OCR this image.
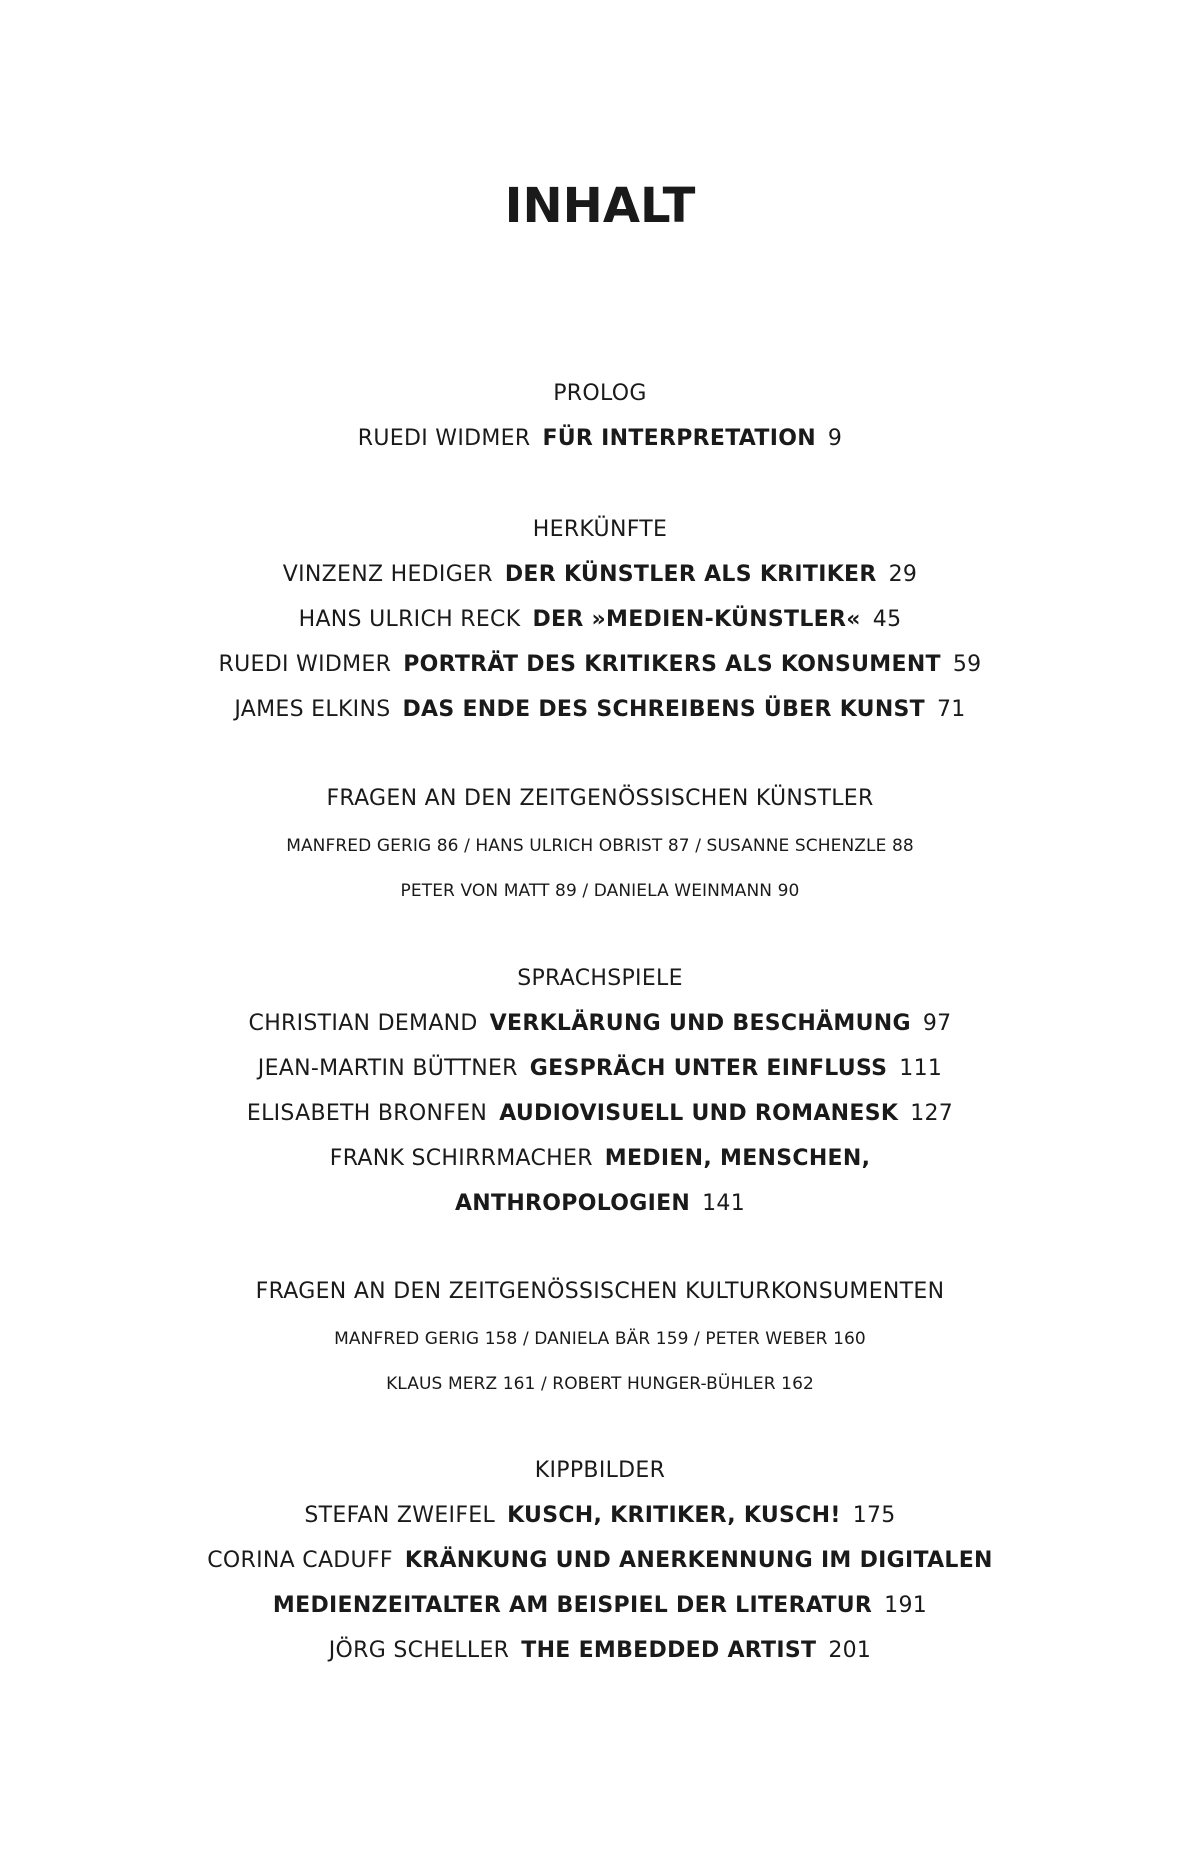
INHALT
PROLOG
RUEDI WIDMER FÜR INTERPRETATION 9
HERKÜNFTE
VINZENZ HEDIGER DER KÜNSTLER ALS KRITIKER 29
HANS ULRICH RECK DER »MEDIEN-KÜNSTLER« 45
RUEDI WIDMER PORTRÄT DES KRITIKERS ALS KONSUMENT 59
JAMES ELKINS DAS ENDE DES SCHREIBENS ÜBER KUNST 71
FRAGEN AN DEN ZEITGENÖSSISCHEN KÜNSTLER
MANFRED GERIG 86 / HANS ULRICH OBRIST 87 / SUSANNE SCHENZLE 88
PETER VON MATT 89 / DANIELA WEINMANN 90
SPRACHSPIELE
CHRISTIAN DEMAND VERKLÄRUNG UND BESCHÄMUNG 97
JEAN-MARTIN BÜTTNER GESPRÄCH UNTER EINFLUSS 111
ELISABETH BRONFEN AUDIOVISUELL UND ROMANESK 127
FRANK SCHIRRMACHER MEDIEN, MENSCHEN,
ANTHROPOLOGIEN 141
FRAGEN AN DEN ZEITGENÖSSISCHEN KULTURKONSUMENTEN
MANFRED GERIG 158 / DANIELA BÄR 159 / PETER WEBER 160
KLAUS MERZ 161 / ROBERT HUNGER-BÜHLER 162
KIPPBILDER
STEFAN ZWEIFEL KUSCH, KRITIKER, KUSCH! 175
CORINA CADUFF KRÄNKUNG UND ANERKENNUNG IM DIGITALEN
MEDIENZEITALTER AM BEISPIEL DER LITERATUR 191
JÖRG SCHELLER THE EMBEDDED ARTIST 201
